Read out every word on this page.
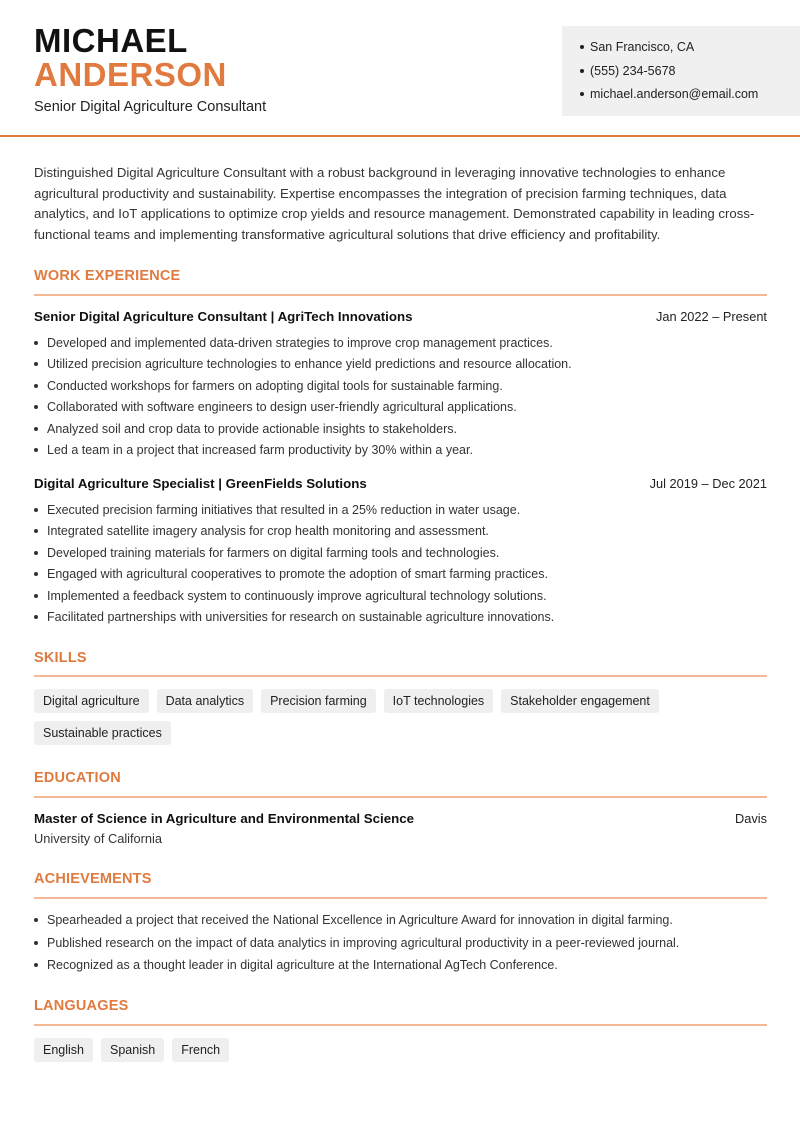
MICHAEL
ANDERSON
Senior Digital Agriculture Consultant
San Francisco, CA
(555) 234-5678
michael.anderson@email.com

Distinguished Digital Agriculture Consultant with a robust background in leveraging innovative technologies to enhance agricultural productivity and sustainability. Expertise encompasses the integration of precision farming techniques, data analytics, and IoT applications to optimize crop yields and resource management. Demonstrated capability in leading cross-functional teams and implementing transformative agricultural solutions that drive efficiency and profitability.

WORK EXPERIENCE
Senior Digital Agriculture Consultant | AgriTech Innovations	Jan 2022 – Present
Developed and implemented data-driven strategies to improve crop management practices.
Utilized precision agriculture technologies to enhance yield predictions and resource allocation.
Conducted workshops for farmers on adopting digital tools for sustainable farming.
Collaborated with software engineers to design user-friendly agricultural applications.
Analyzed soil and crop data to provide actionable insights to stakeholders.
Led a team in a project that increased farm productivity by 30% within a year.
Digital Agriculture Specialist | GreenFields Solutions	Jul 2019 – Dec 2021
Executed precision farming initiatives that resulted in a 25% reduction in water usage.
Integrated satellite imagery analysis for crop health monitoring and assessment.
Developed training materials for farmers on digital farming tools and technologies.
Engaged with agricultural cooperatives to promote the adoption of smart farming practices.
Implemented a feedback system to continuously improve agricultural technology solutions.
Facilitated partnerships with universities for research on sustainable agriculture innovations.
SKILLS
Digital agriculture	Data analytics	Precision farming	IoT technologies	Stakeholder engagement
Sustainable practices
EDUCATION
Master of Science in Agriculture and Environmental Science	Davis
University of California
ACHIEVEMENTS
Spearheaded a project that received the National Excellence in Agriculture Award for innovation in digital farming.
Published research on the impact of data analytics in improving agricultural productivity in a peer-reviewed journal.
Recognized as a thought leader in digital agriculture at the International AgTech Conference.
LANGUAGES
English	Spanish	French
